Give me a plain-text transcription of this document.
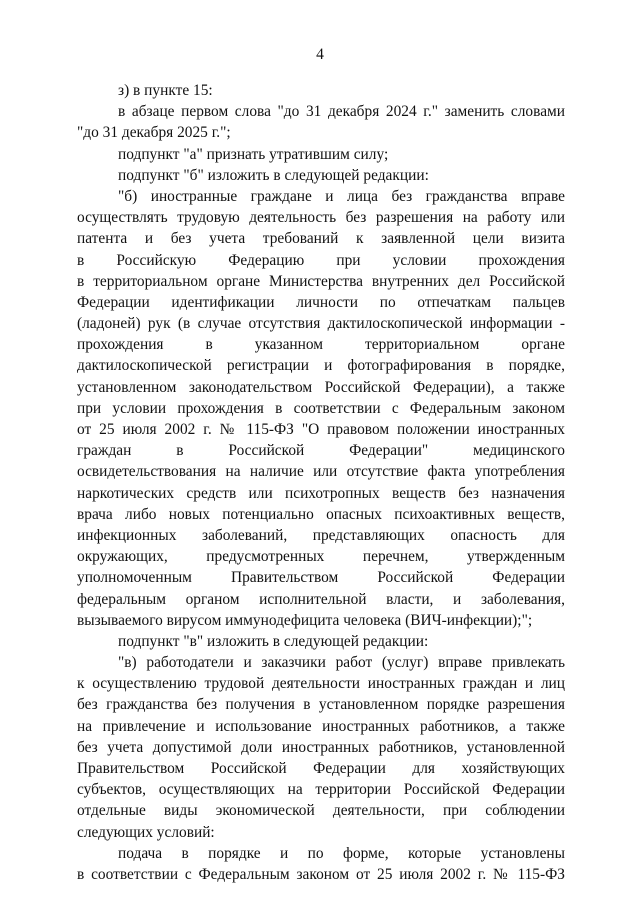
4
з) в пункте 15:
в абзаце первом слова "до 31 декабря 2024 г." заменить словами
"до 31 декабря 2025 г.";
подпункт "а" признать утратившим силу;
подпункт "б" изложить в следующей редакции:
"б) иностранные граждане и лица без гражданства вправе
осуществлять трудовую деятельность без разрешения на работу или
патента и без учета требований к заявленной цели визита
в Российскую Федерацию при условии прохождения
в территориальном органе Министерства внутренних дел Российской
Федерации идентификации личности по отпечаткам пальцев
(ладоней) рук (в случае отсутствия дактилоскопической информации -
прохождения в указанном территориальном органе
дактилоскопической регистрации и фотографирования в порядке,
установленном законодательством Российской Федерации), а также
при условии прохождения в соответствии с Федеральным законом
от 25 июля 2002 г. № 115-ФЗ "О правовом положении иностранных
граждан в Российской Федерации" медицинского
освидетельствования на наличие или отсутствие факта употребления
наркотических средств или психотропных веществ без назначения
врача либо новых потенциально опасных психоактивных веществ,
инфекционных заболеваний, представляющих опасность для
окружающих, предусмотренных перечнем, утвержденным
уполномоченным Правительством Российской Федерации
федеральным органом исполнительной власти, и заболевания,
вызываемого вирусом иммунодефицита человека (ВИЧ-инфекции);";
подпункт "в" изложить в следующей редакции:
"в) работодатели и заказчики работ (услуг) вправе привлекать
к осуществлению трудовой деятельности иностранных граждан и лиц
без гражданства без получения в установленном порядке разрешения
на привлечение и использование иностранных работников, а также
без учета допустимой доли иностранных работников, установленной
Правительством Российской Федерации для хозяйствующих
субъектов, осуществляющих на территории Российской Федерации
отдельные виды экономической деятельности, при соблюдении
следующих условий:
подача в порядке и по форме, которые установлены
в соответствии с Федеральным законом от 25 июля 2002 г. № 115-ФЗ
